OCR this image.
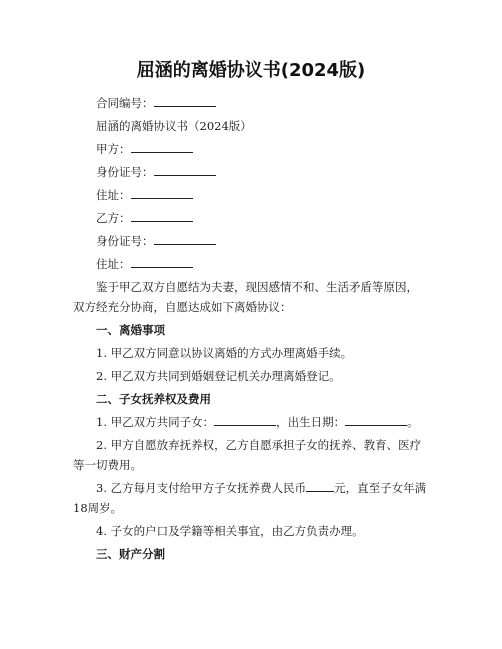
屈涵的离婚协议书(2024版)
合同编号：
屈涵的离婚协议书（2024版）
甲方：
身份证号：
住址：
乙方：
身份证号：
住址：
鉴于甲乙双方自愿结为夫妻，现因感情不和、生活矛盾等原因，
双方经充分协商，自愿达成如下离婚协议：
一、离婚事项
1. 甲乙双方同意以协议离婚的方式办理离婚手续。
2. 甲乙双方共同到婚姻登记机关办理离婚登记。
二、子女抚养权及费用
1. 甲乙双方共同子女：	，出生日期：	。
2. 甲方自愿放弃抚养权，乙方自愿承担子女的抚养、教育、医疗
等一切费用。
3. 乙方每月支付给甲方子女抚养费人民币 元，直至子女年满
18周岁。
4. 子女的户口及学籍等相关事宜，由乙方负责办理。
三、财产分割
